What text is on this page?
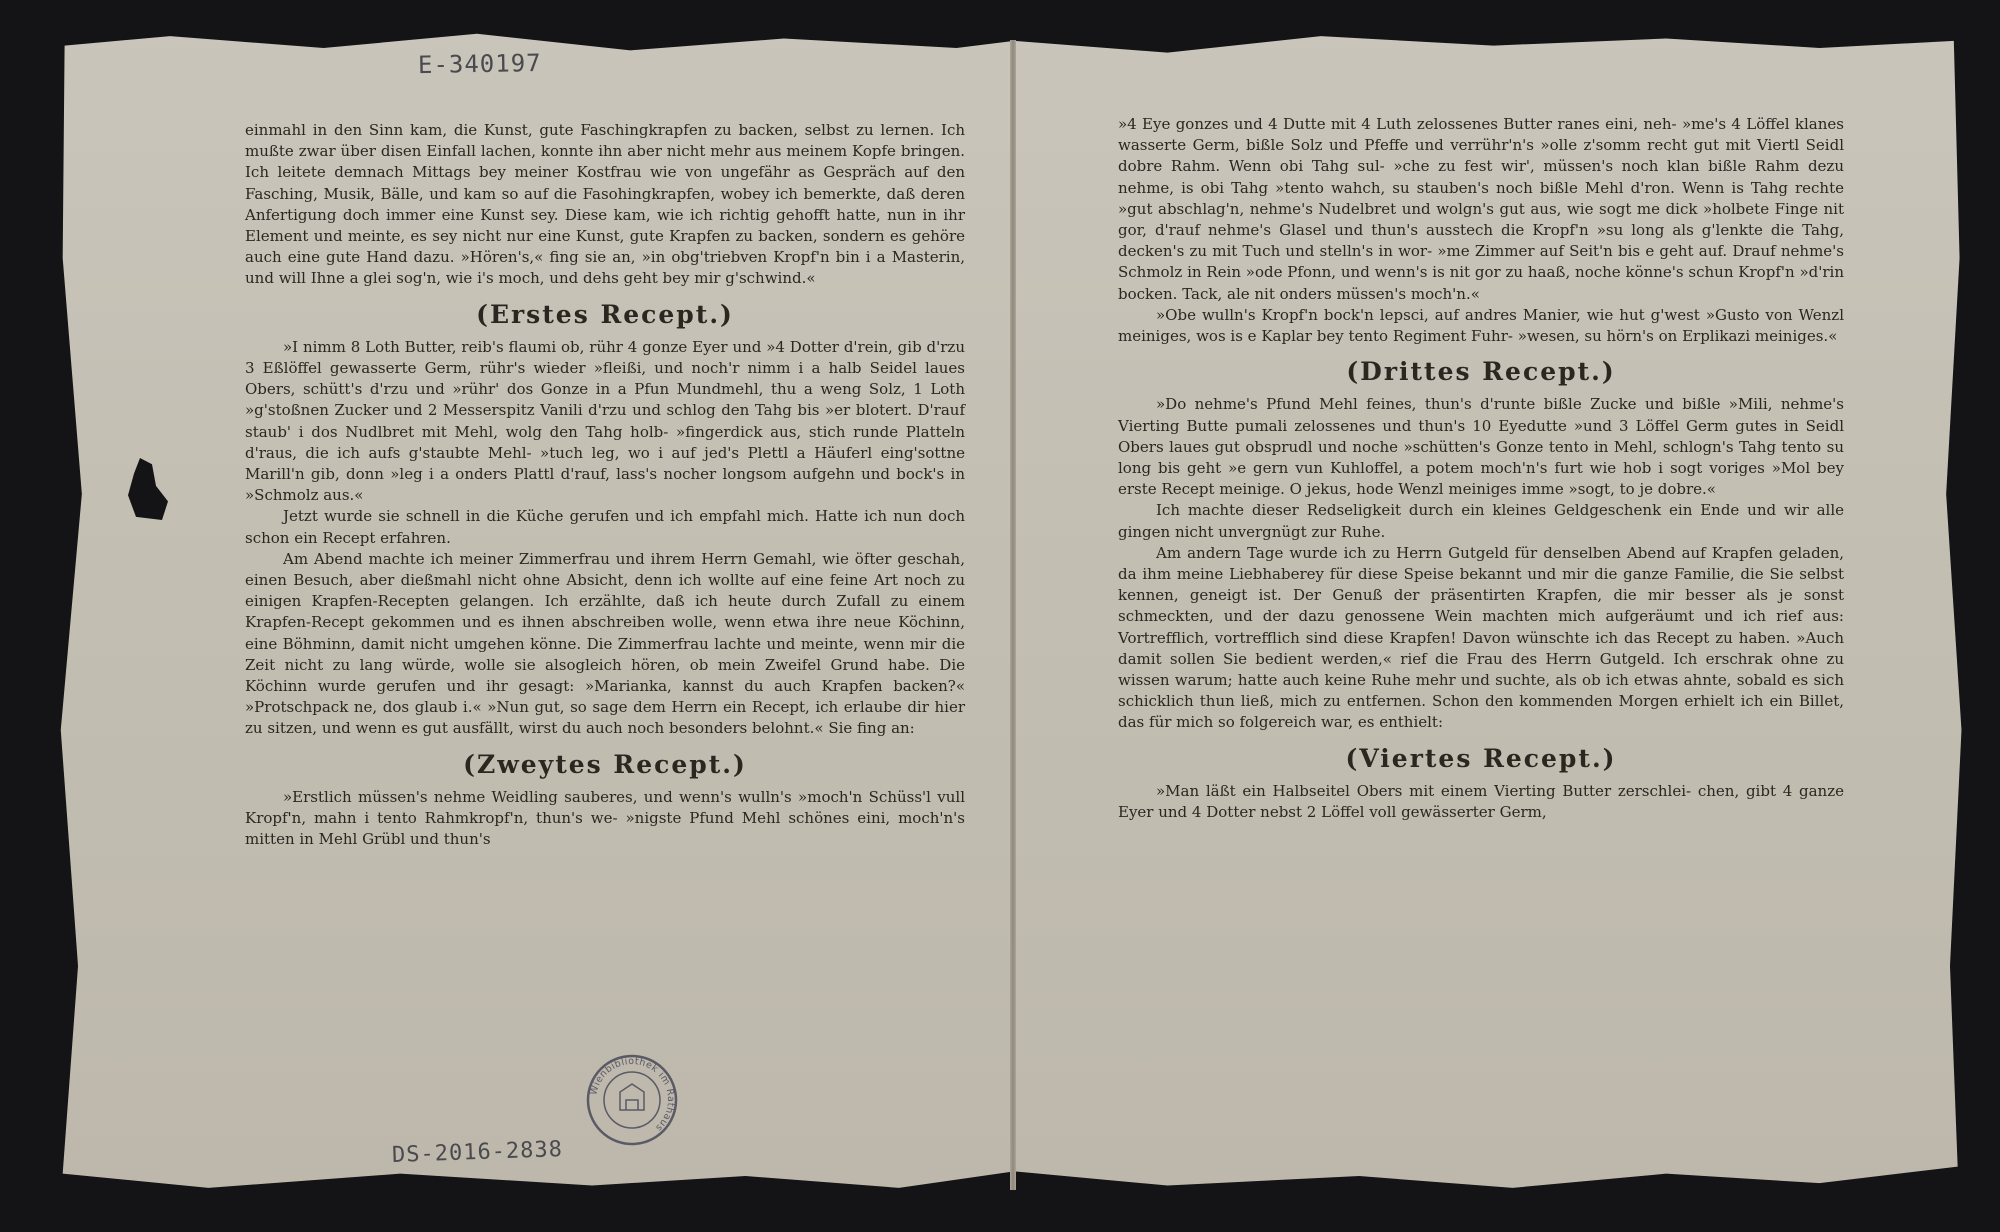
E-340197

einmahl in den Sinn kam, die Kunst, gute Faschingkrapfen zu backen, selbst zu lernen. Ich mußte zwar über disen Einfall lachen, konnte ihn aber nicht mehr aus meinem Kopfe bringen. Ich leitete demnach Mittags bey meiner Kostfrau wie von ungefähr as Gespräch auf den Fasching, Musik, Bälle, und kam so auf die Fasohingkrapfen, wobey ich bemerkte, daß deren Anfertigung doch immer eine Kunst sey. Diese kam, wie ich richtig gehofft hatte, nun in ihr Element und meinte, es sey nicht nur eine Kunst, gute Krapfen zu backen, sondern es gehöre auch eine gute Hand dazu. »Hören's,« fing sie an, »in obg'triebven Kropf'n bin i a Masterin, und will Ihne a glei sog'n, wie i's moch, und dehs geht bey mir g'schwind.«

(Erstes Recept.)

»I nimm 8 Loth Butter, reib's flaumi ob, rühr 4 gonze Eyer und »4 Dotter d'rein, gib d'rzu 3 Eßlöffel gewasserte Germ, rühr's wieder »fleißi, und noch'r nimm i a halb Seidel laues Obers, schütt's d'rzu und »rühr' dos Gonze in a Pfun Mundmehl, thu a weng Solz, 1 Loth »g'stoßnen Zucker und 2 Messerspitz Vanili d'rzu und schlog den Tahg bis »er blotert. D'rauf staub' i dos Nudlbret mit Mehl, wolg den Tahg holb- »fingerdick aus, stich runde Platteln d'raus, die ich aufs g'staubte Mehl- »tuch leg, wo i auf jed's Plettl a Häuferl eing'sottne Marill'n gib, donn »leg i a onders Plattl d'rauf, lass's nocher longsom aufgehn und bock's in »Schmolz aus.«

Jetzt wurde sie schnell in die Küche gerufen und ich empfahl mich. Hatte ich nun doch schon ein Recept erfahren.

Am Abend machte ich meiner Zimmerfrau und ihrem Herrn Gemahl, wie öfter geschah, einen Besuch, aber dießmahl nicht ohne Absicht, denn ich wollte auf eine feine Art noch zu einigen Krapfen-Recepten gelangen. Ich erzählte, daß ich heute durch Zufall zu einem Krapfen-Recept gekommen und es ihnen abschreiben wolle, wenn etwa ihre neue Köchinn, eine Böhminn, damit nicht umgehen könne. Die Zimmerfrau lachte und meinte, wenn mir die Zeit nicht zu lang würde, wolle sie alsogleich hören, ob mein Zweifel Grund habe. Die Köchinn wurde gerufen und ihr gesagt: »Marianka, kannst du auch Krapfen backen?« »Protschpack ne, dos glaub i.« »Nun gut, so sage dem Herrn ein Recept, ich erlaube dir hier zu sitzen, und wenn es gut ausfällt, wirst du auch noch besonders belohnt.« Sie fing an:

(Zweytes Recept.)

»Erstlich müssen's nehme Weidling sauberes, und wenn's wulln's »moch'n Schüss'l vull Kropf'n, mahn i tento Rahmkropf'n, thun's we- »nigste Pfund Mehl schönes eini, moch'n's mitten in Mehl Grübl und thun's

»4 Eye gonzes und 4 Dutte mit 4 Luth zelossenes Butter ranes eini, neh- »me's 4 Löffel klanes wasserte Germ, bißle Solz und Pfeffe und verrühr'n's »olle z'somm recht gut mit Viertl Seidl dobre Rahm. Wenn obi Tahg sul- »che zu fest wir', müssen's noch klan bißle Rahm dezu nehme, is obi Tahg »tento wahch, su stauben's noch bißle Mehl d'ron. Wenn is Tahg rechte »gut abschlag'n, nehme's Nudelbret und wolgn's gut aus, wie sogt me dick »holbete Finge nit gor, d'rauf nehme's Glasel und thun's ausstech die Kropf'n »su long als g'lenkte die Tahg, decken's zu mit Tuch und stelln's in wor- »me Zimmer auf Seit'n bis e geht auf. Drauf nehme's Schmolz in Rein »ode Pfonn, und wenn's is nit gor zu haaß, noche könne's schun Kropf'n »d'rin bocken. Tack, ale nit onders müssen's moch'n.«

»Obe wulln's Kropf'n bock'n lepsci, auf andres Manier, wie hut g'west »Gusto von Wenzl meiniges, wos is e Kaplar bey tento Regiment Fuhr- »wesen, su hörn's on Erplikazi meiniges.«

(Drittes Recept.)

»Do nehme's Pfund Mehl feines, thun's d'runte bißle Zucke und bißle »Mili, nehme's Vierting Butte pumali zelossenes und thun's 10 Eyedutte »und 3 Löffel Germ gutes in Seidl Obers laues gut obsprudl und noche »schütten's Gonze tento in Mehl, schlogn's Tahg tento su long bis geht »e gern vun Kuhloffel, a potem moch'n's furt wie hob i sogt voriges »Mol bey erste Recept meinige. O jekus, hode Wenzl meiniges imme »sogt, to je dobre.«

Ich machte dieser Redseligkeit durch ein kleines Geldgeschenk ein Ende und wir alle gingen nicht unvergnügt zur Ruhe.

Am andern Tage wurde ich zu Herrn Gutgeld für denselben Abend auf Krapfen geladen, da ihm meine Liebhaberey für diese Speise bekannt und mir die ganze Familie, die Sie selbst kennen, geneigt ist. Der Genuß der präsentirten Krapfen, die mir besser als je sonst schmeckten, und der dazu genossene Wein machten mich aufgeräumt und ich rief aus: Vortrefflich, vortrefflich sind diese Krapfen! Davon wünschte ich das Recept zu haben. »Auch damit sollen Sie bedient werden,« rief die Frau des Herrn Gutgeld. Ich erschrak ohne zu wissen warum; hatte auch keine Ruhe mehr und suchte, als ob ich etwas ahnte, sobald es sich schicklich thun ließ, mich zu entfernen. Schon den kommenden Morgen erhielt ich ein Billet, das für mich so folgereich war, es enthielt:

(Viertes Recept.)

»Man läßt ein Halbseitel Obers mit einem Vierting Butter zerschlei- chen, gibt 4 ganze Eyer und 4 Dotter nebst 2 Löffel voll gewässerter Germ,

Wienbibliothek im Rathaus
DS-2016-2838
